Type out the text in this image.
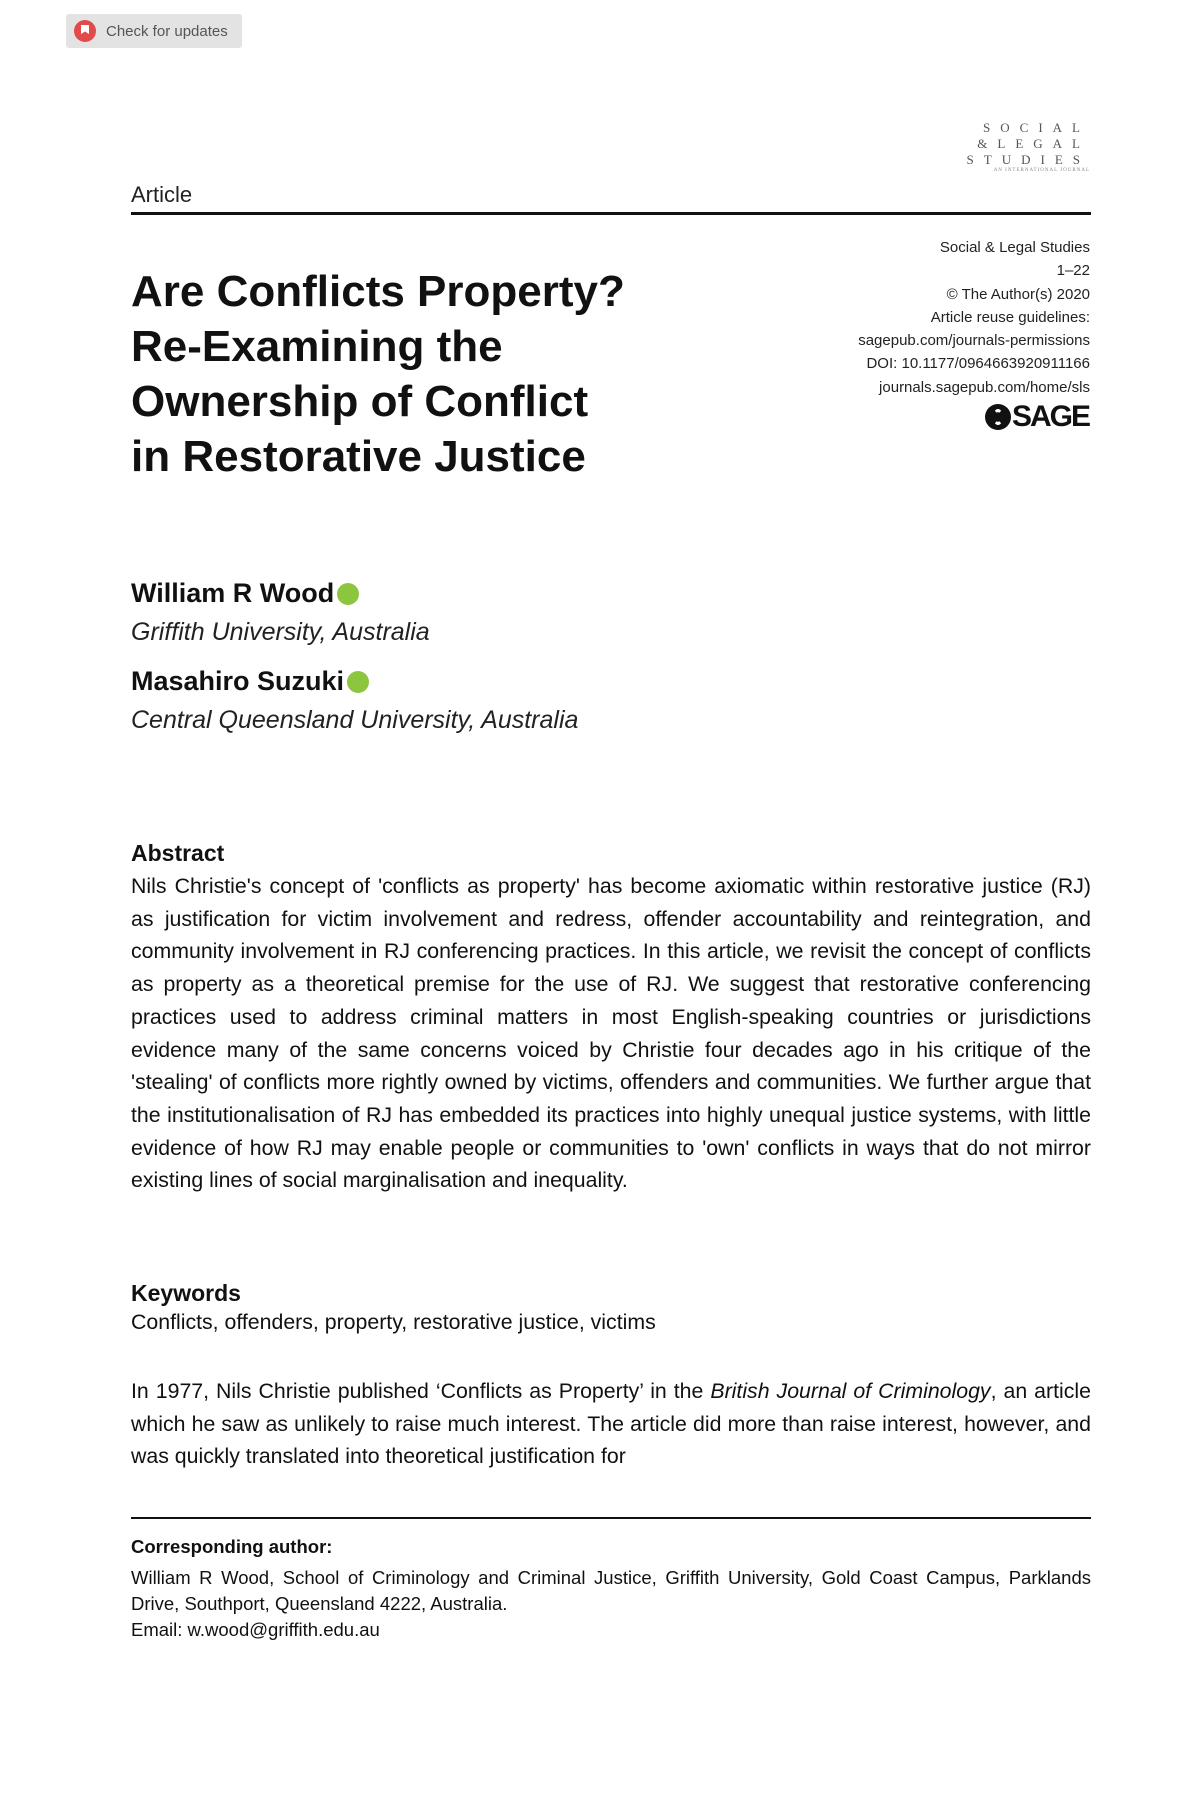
Check for updates
SOCIAL
&LEGAL
STUDIES
AN INTERNATIONAL JOURNAL
Article
Social & Legal Studies
1–22
© The Author(s) 2020
Article reuse guidelines:
sagepub.com/journals-permissions
DOI: 10.1177/0964663920911166
journals.sagepub.com/home/sls
SAGE
Are Conflicts Property?
Re-Examining the
Ownership of Conflict
in Restorative Justice
William R Wood
Griffith University, Australia
Masahiro Suzuki
Central Queensland University, Australia
Abstract

Nils Christie's concept of 'conflicts as property' has become axiomatic within restorative justice (RJ) as justification for victim involvement and redress, offender accountability and reintegration, and community involvement in RJ conferencing practices. In this article, we revisit the concept of conflicts as property as a theoretical premise for the use of RJ. We suggest that restorative conferencing practices used to address criminal matters in most English-speaking countries or jurisdictions evidence many of the same concerns voiced by Christie four decades ago in his critique of the 'stealing' of conflicts more rightly owned by victims, offenders and communities. We further argue that the institutionalisation of RJ has embedded its practices into highly unequal justice systems, with little evidence of how RJ may enable people or communities to 'own' conflicts in ways that do not mirror existing lines of social marginalisation and inequality.

Keywords
Conflicts, offenders, property, restorative justice, victims

In 1977, Nils Christie published ‘Conflicts as Property’ in the British Journal of Criminology, an article which he saw as unlikely to raise much interest. The article did more than raise interest, however, and was quickly translated into theoretical justification for

Corresponding author:
William R Wood, School of Criminology and Criminal Justice, Griffith University, Gold Coast Campus, Parklands Drive, Southport, Queensland 4222, Australia.
Email: w.wood@griffith.edu.au
